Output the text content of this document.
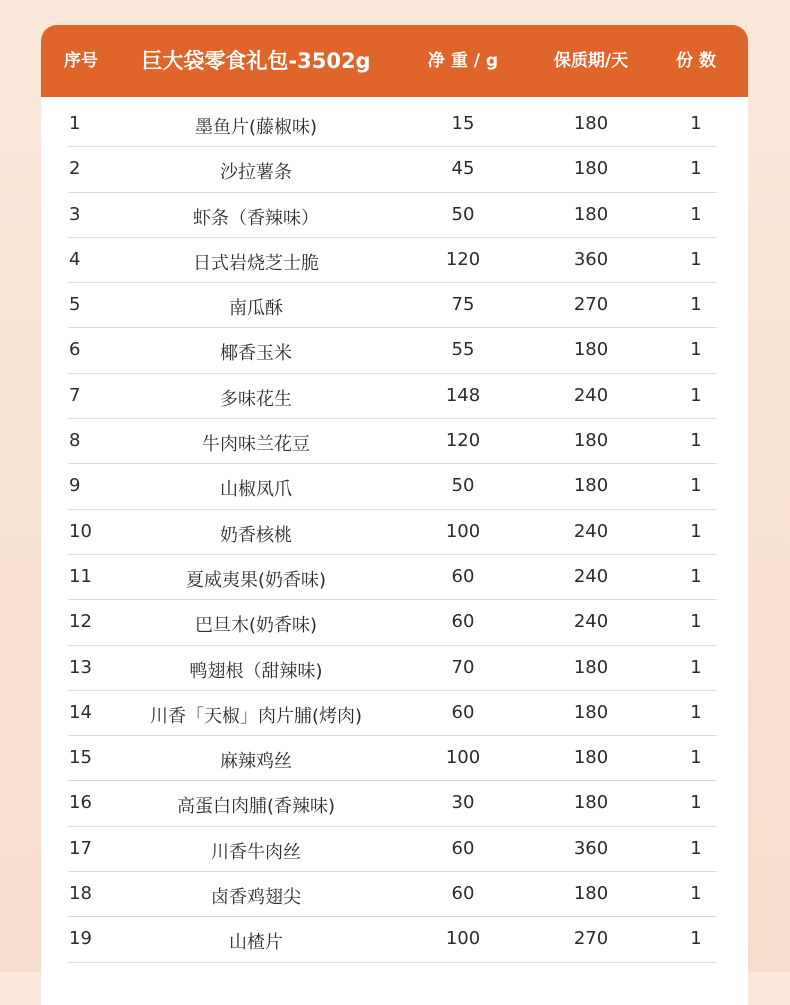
序号	巨大袋零食礼包-3502g	净 重 / g	保质期/天	份 数
1	墨鱼片(藤椒味)	15	180	1
2	沙拉薯条	45	180	1
3	虾条（香辣味）	50	180	1
4	日式岩烧芝士脆	120	360	1
5	南瓜酥	75	270	1
6	椰香玉米	55	180	1
7	多味花生	148	240	1
8	牛肉味兰花豆	120	180	1
9	山椒凤爪	50	180	1
10	奶香核桃	100	240	1
11	夏威夷果(奶香味)	60	240	1
12	巴旦木(奶香味)	60	240	1
13	鸭翅根（甜辣味)	70	180	1
14	川香「天椒」肉片脯(烤肉)	60	180	1
15	麻辣鸡丝	100	180	1
16	高蛋白肉脯(香辣味)	30	180	1
17	川香牛肉丝	60	360	1
18	卤香鸡翅尖	60	180	1
19	山楂片	100	270	1
